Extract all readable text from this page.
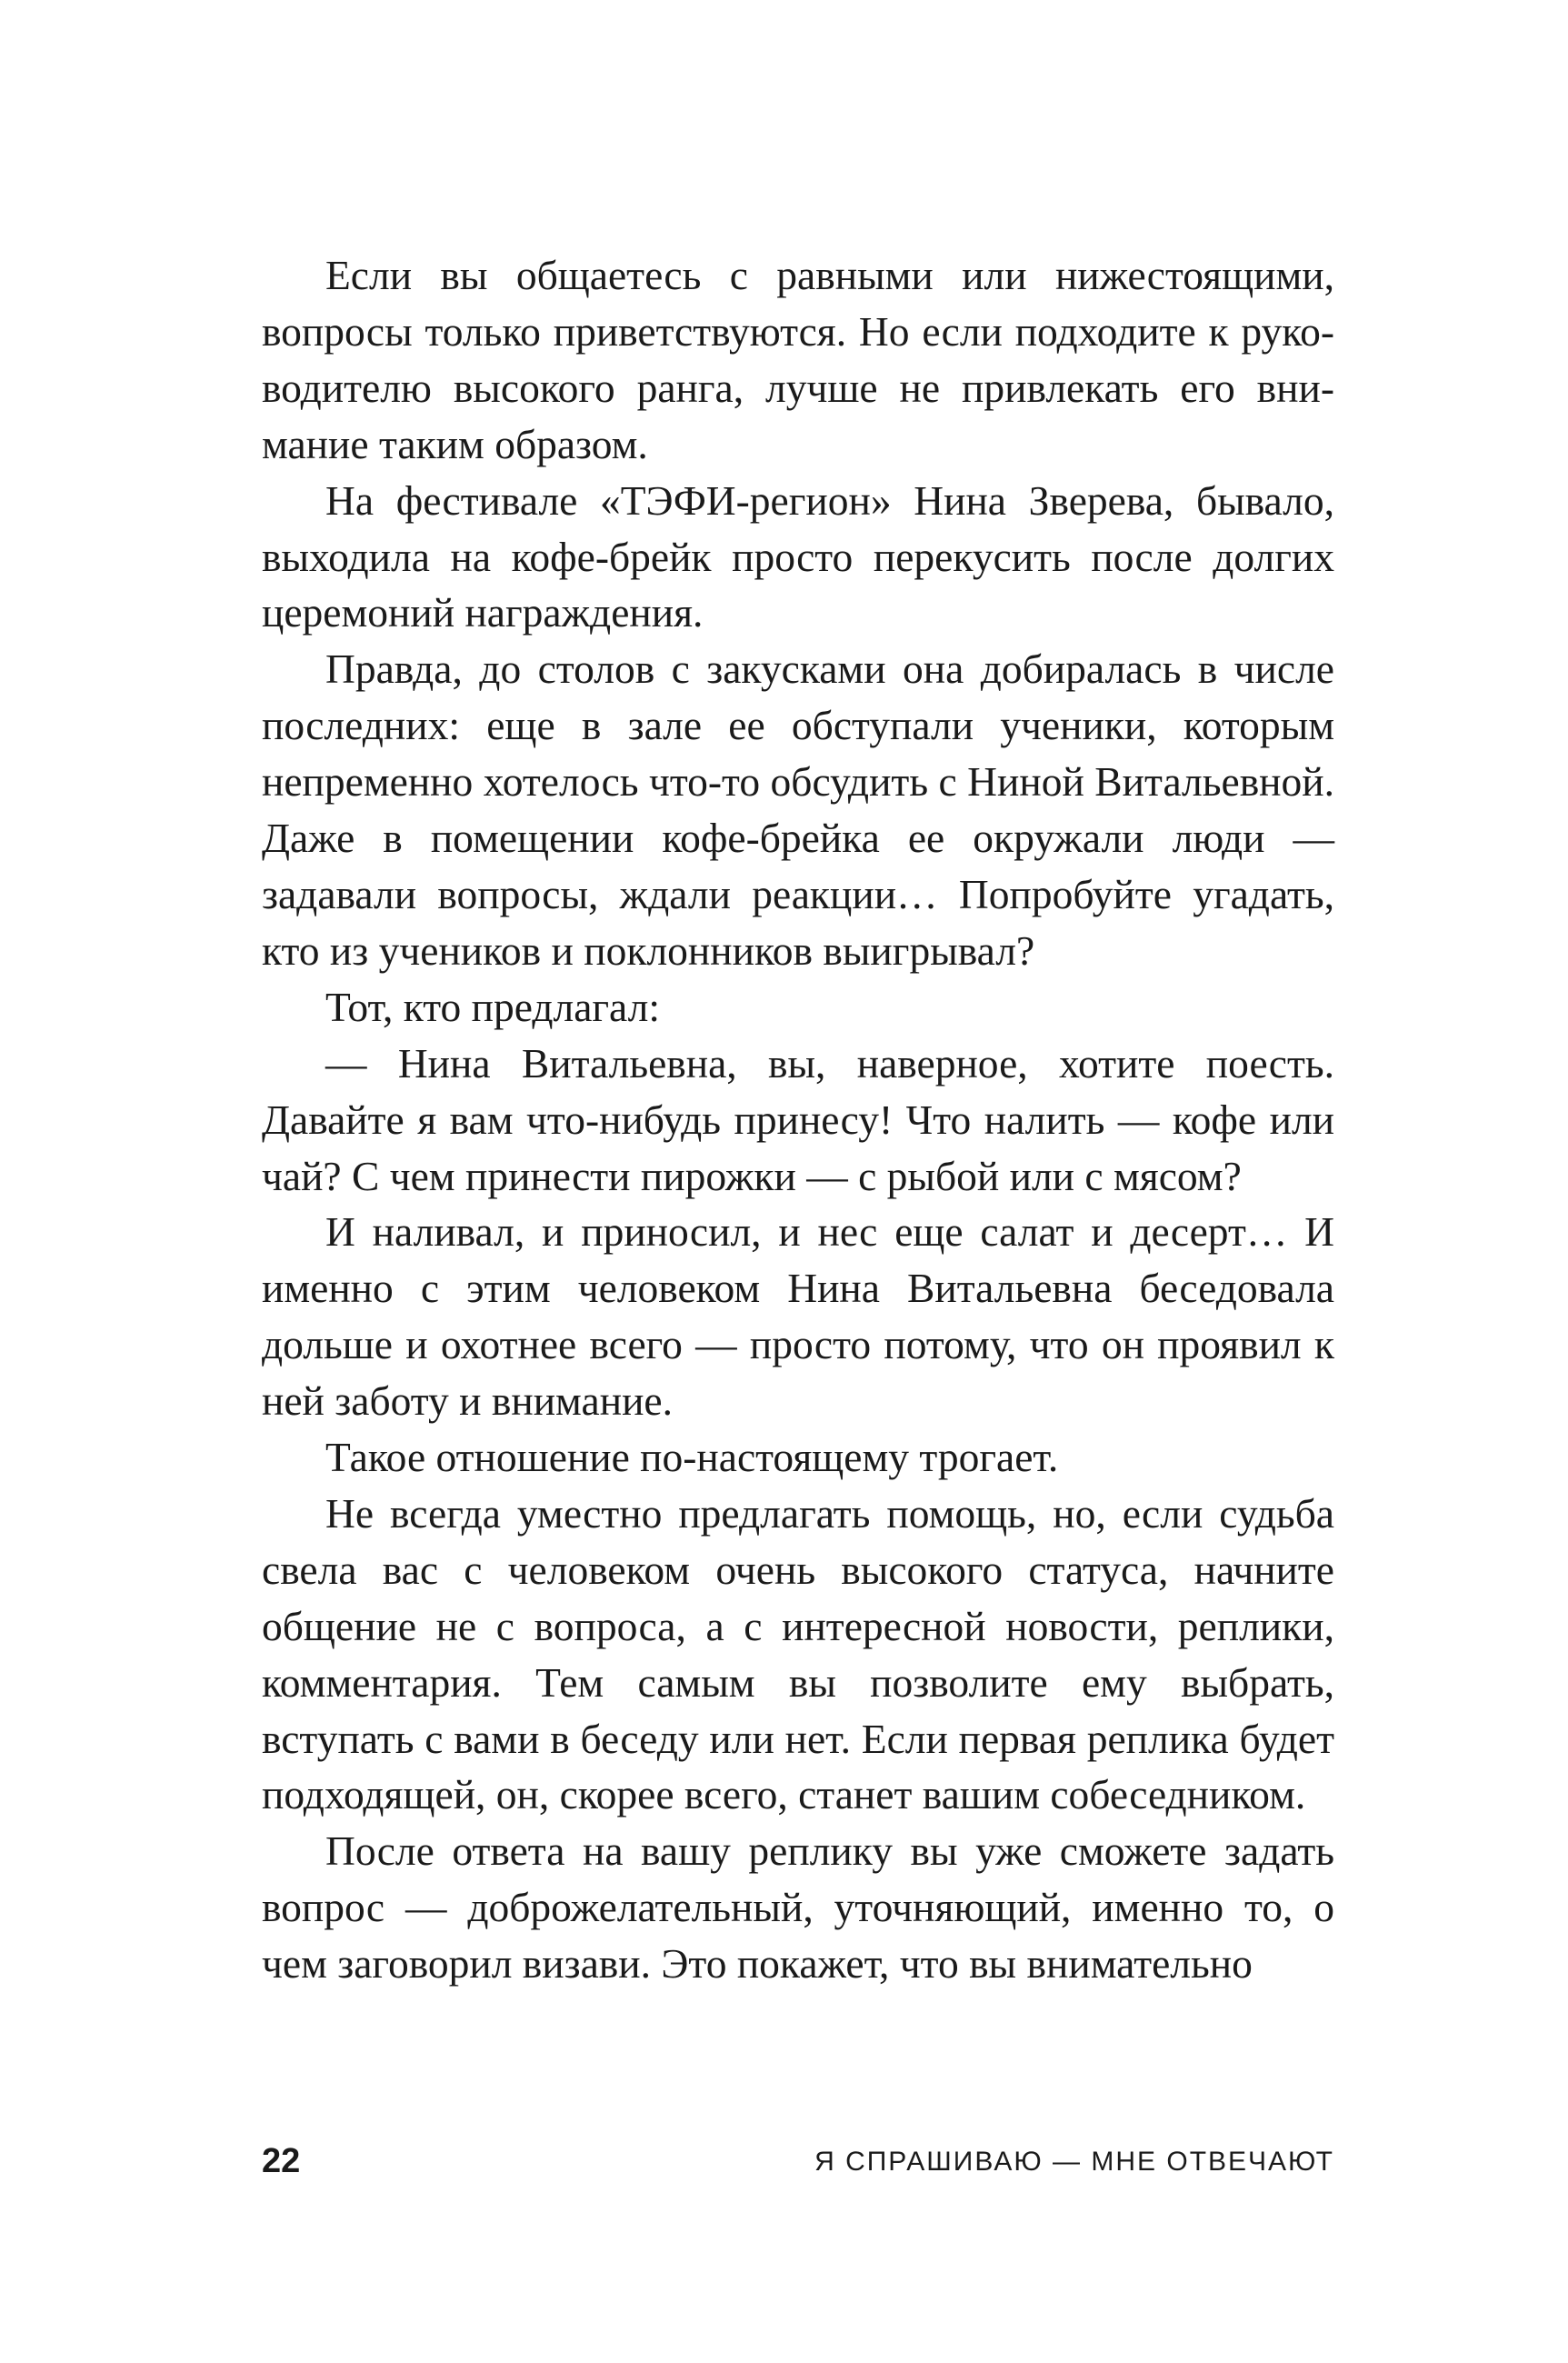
Если вы общаетесь с равными или нижестоящими, вопросы только приветствуются. Но если подходите к руководителю высокого ранга, лучше не привлекать его внимание таким образом.

На фестивале «ТЭФИ-регион» Нина Зверева, бывало, выходила на кофе-брейк просто перекусить после долгих церемоний награждения.

Правда, до столов с закусками она добиралась в числе последних: еще в зале ее обступали ученики, которым непременно хотелось что-то обсудить с Ниной Витальевной. Даже в помещении кофе-брейка ее окружали люди — задавали вопросы, ждали реакции… Попробуйте угадать, кто из учеников и поклонников выигрывал?

Тот, кто предлагал:

— Нина Витальевна, вы, наверное, хотите поесть. Давайте я вам что-нибудь принесу! Что налить — кофе или чай? С чем принести пирожки — с рыбой или с мясом?

И наливал, и приносил, и нес еще салат и десерт… И именно с этим человеком Нина Витальевна беседовала дольше и охотнее всего — просто потому, что он проявил к ней заботу и внимание.

Такое отношение по-настоящему трогает.

Не всегда уместно предлагать помощь, но, если судьба свела вас с человеком очень высокого статуса, начните общение не с вопроса, а с интересной новости, реплики, комментария. Тем самым вы позволите ему выбрать, вступать с вами в беседу или нет. Если первая реплика будет подходящей, он, скорее всего, станет вашим собеседником.

После ответа на вашу реплику вы уже сможете задать вопрос — доброжелательный, уточняющий, именно то, о чем заговорил визави. Это покажет, что вы внимательно

22	Я СПРАШИВАЮ — МНЕ ОТВЕЧАЮТ
